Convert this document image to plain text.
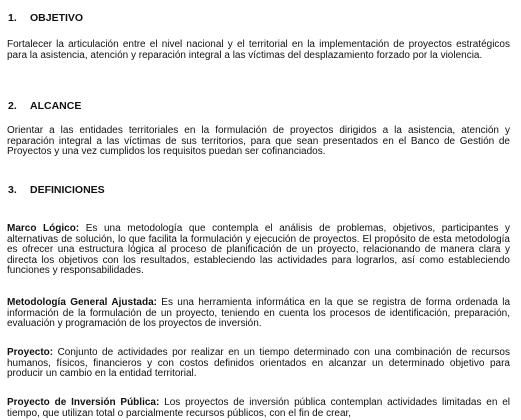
1. OBJETIVO

Fortalecer la articulación entre el nivel nacional y el territorial en la implementación de proyectos estratégicos para la asistencia, atención y reparación integral a las víctimas del desplazamiento forzado por la violencia.

2. ALCANCE

Orientar a las entidades territoriales en la formulación de proyectos dirigidos a la asistencia, atención y reparación integral a las víctimas de sus territorios, para que sean presentados en el Banco de Gestión de Proyectos y una vez cumplidos los requisitos puedan ser cofinanciados.

3. DEFINICIONES

Marco Lógico: Es una metodología que contempla el análisis de problemas, objetivos, participantes y alternativas de solución, lo que facilita la formulación y ejecución de proyectos. El propósito de esta metodología es ofrecer una estructura lógica al proceso de planificación de un proyecto, relacionando de manera clara y directa los objetivos con los resultados, estableciendo las actividades para lograrlos, así como estableciendo funciones y responsabilidades.

Metodología General Ajustada: Es una herramienta informática en la que se registra de forma ordenada la información de la formulación de un proyecto, teniendo en cuenta los procesos de identificación, preparación, evaluación y programación de los proyectos de inversión.

Proyecto: Conjunto de actividades por realizar en un tiempo determinado con una combinación de recursos humanos, físicos, financieros y con costos definidos orientados en alcanzar un determinado objetivo para producir un cambio en la entidad territorial.

Proyecto de Inversión Pública: Los proyectos de inversión pública contemplan actividades limitadas en el tiempo, que utilizan total o parcialmente recursos públicos, con el fin de crear,
